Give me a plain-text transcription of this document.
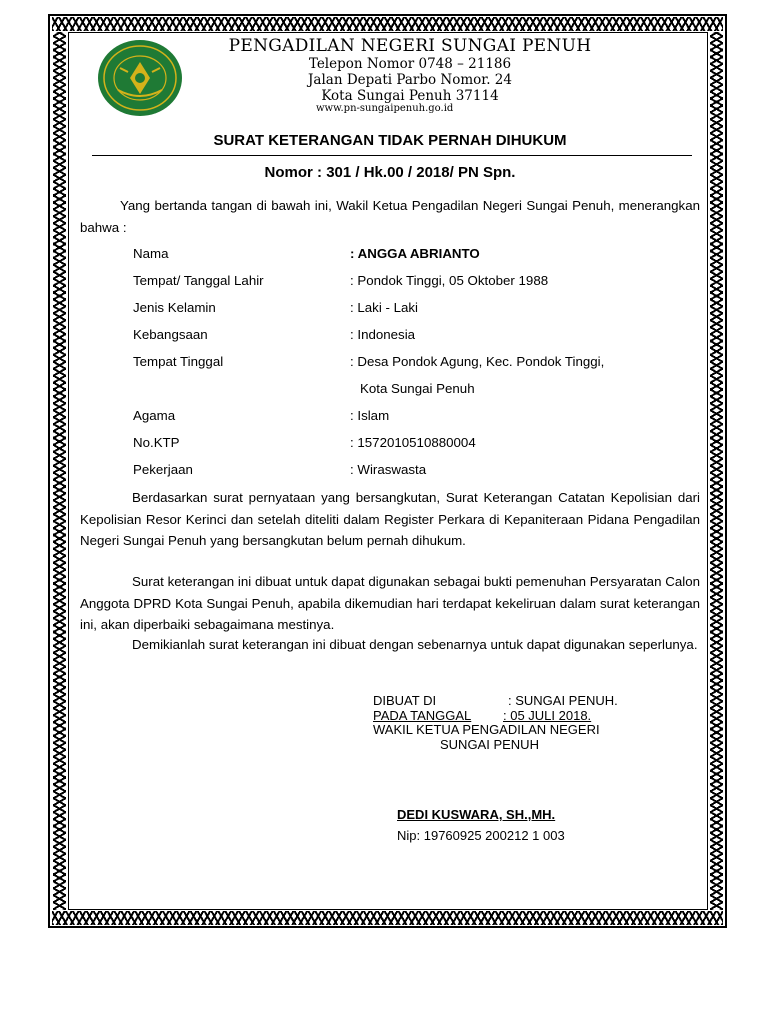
PENGADILAN NEGERI SUNGAI PENUH
Telepon Nomor 0748 – 21186
Jalan Depati Parbo Nomor. 24
Kota Sungai Penuh 37114
www.pn-sungaipenuh.go.id
SURAT KETERANGAN TIDAK PERNAH DIHUKUM
Nomor : 301 / Hk.00 / 2018/ PN Spn.
Yang bertanda tangan di bawah ini, Wakil Ketua Pengadilan Negeri Sungai Penuh, menerangkan bahwa :
Nama	: ANGGA ABRIANTO
Tempat/ Tanggal Lahir	: Pondok Tinggi, 05 Oktober 1988
Jenis Kelamin	: Laki - Laki
Kebangsaan	: Indonesia
Tempat Tinggal	: Desa Pondok Agung, Kec. Pondok Tinggi,
Kota Sungai Penuh
Agama	: Islam
No.KTP	: 1572010510880004
Pekerjaan	: Wiraswasta
Berdasarkan surat pernyataan yang bersangkutan, Surat Keterangan Catatan Kepolisian dari Kepolisian Resor Kerinci dan setelah diteliti dalam Register Perkara di Kepaniteraan Pidana Pengadilan Negeri Sungai Penuh yang bersangkutan belum pernah dihukum.
Surat keterangan ini dibuat untuk dapat digunakan sebagai bukti pemenuhan Persyaratan Calon Anggota DPRD Kota Sungai Penuh, apabila dikemudian hari terdapat kekeliruan dalam surat keterangan ini, akan diperbaiki sebagaimana mestinya.
Demikianlah surat keterangan ini dibuat dengan sebenarnya untuk dapat digunakan seperlunya.
DIBUAT DI	: SUNGAI PENUH.
PADA TANGGAL : 05 JULI 2018.
WAKIL KETUA PENGADILAN NEGERI
SUNGAI PENUH
DEDI KUSWARA, SH.,MH.
Nip: 19760925 200212 1 003
